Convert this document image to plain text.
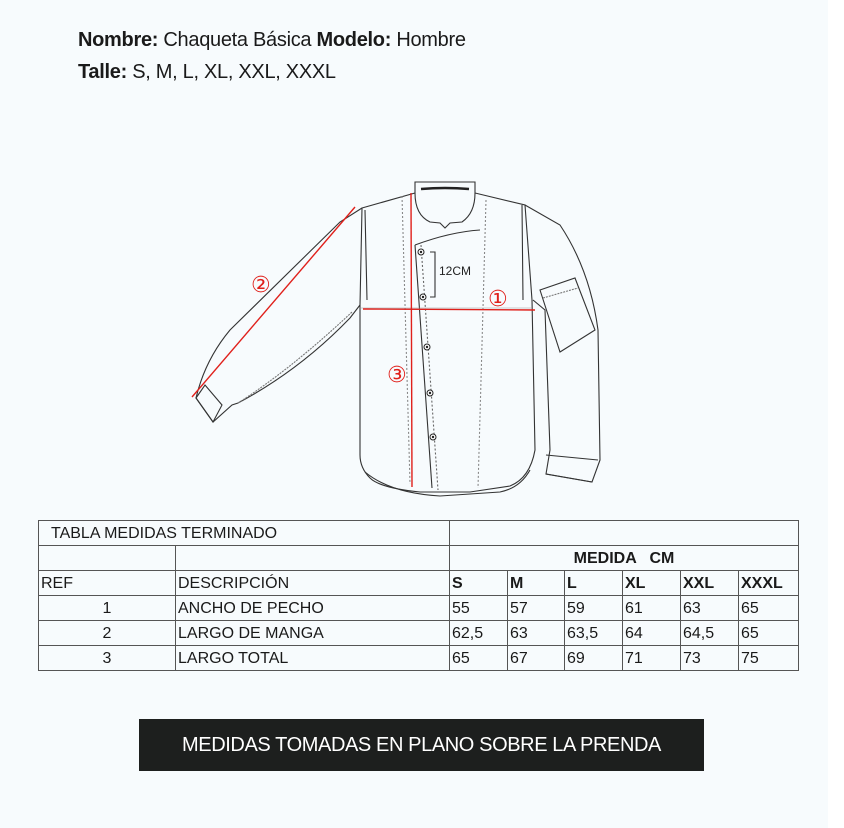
Nombre: Chaqueta Básica Modelo: Hombre
Talle: S, M, L, XL, XXL, XXXL
12CM
①
②
③
TABLA MEDIDAS TERMINADO							
		MEDIDA   CM					
REF	DESCRIPCIÓN	S	M	L	XL	XXL	XXXL
1	ANCHO DE PECHO	55	57	59	61	63	65
2	LARGO DE MANGA	62,5	63	63,5	64	64,5	65
3	LARGO TOTAL	65	67	69	71	73	75
MEDIDAS TOMADAS EN PLANO SOBRE LA PRENDA
